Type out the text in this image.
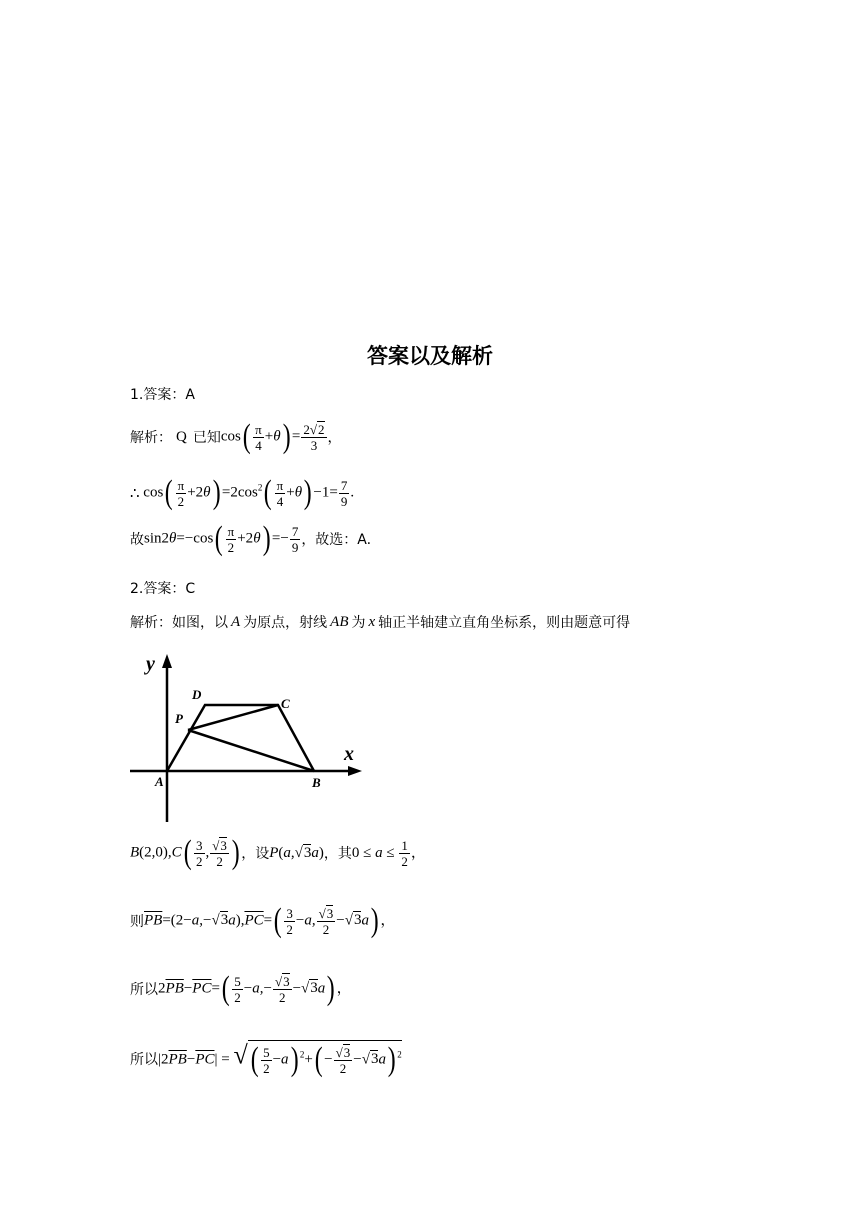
答案以及解析
1.答案：A
解析： Q 已知 $\cos( \frac{\pi}{4} +\theta) = \frac{2√2}{3}$ ，
∴ $\cos( \frac{\pi}{2} +2\theta) =2\cos^2( \frac{\pi}{4} +\theta) -1= \frac{7}{9}$ .
故 $\sin 2\theta=-\cos( \frac{\pi}{2} +2\theta) =- \frac{7}{9}$ ，故选：A.
2.答案：C
解析：如图，以 A 为原点，射线 AB 为 x 轴正半轴建立直角坐标系，则由题意可得
y
x
A	B
C
D
P
$B(2,0),C( \frac{3}{2}$ , $\frac{√3}{2}$ ) ，设 P(a,√3a) ，其 $0 \le a \le \frac{1}{2}$ ，
则 $\overline{PB}=(2-a,-√3a),\overline{PC}=( \frac{3}{2} -a$, $\frac{√3}{2} -√3a$) ，
所以 $2\overline{PB}-\overline{PC}=( \frac{5}{2} -a,- \frac{√3}{2} -√3a)$ ，
所以 $|2\overline{PB}-\overline{PC}|$ = √( $\frac{5}{2} -a$) $^2+( - \frac{√3}{2} -√3a)$ $^2$
